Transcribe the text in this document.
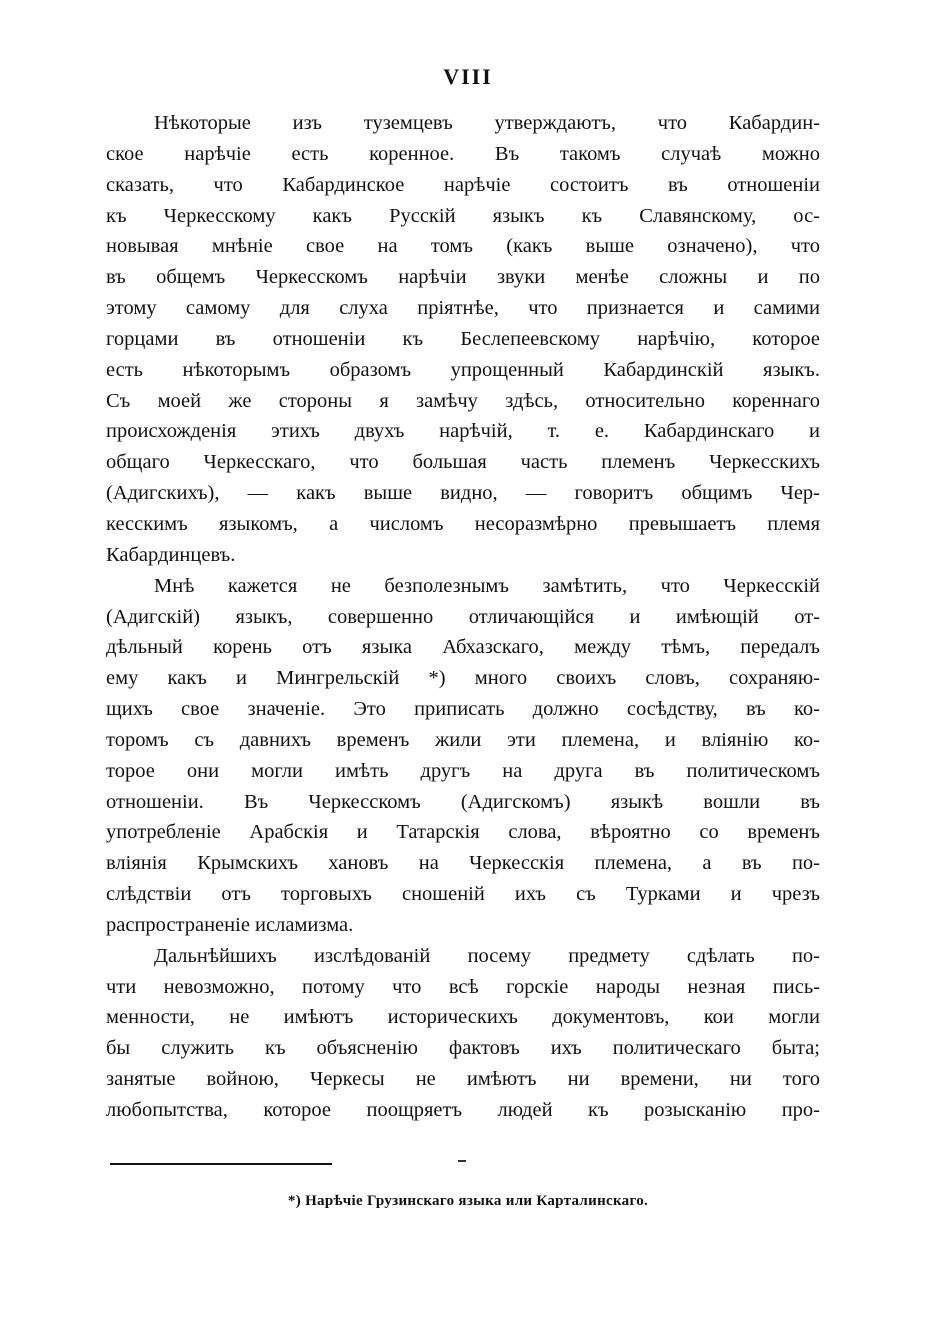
VIII
Нѣкоторые изъ туземцевъ утверждаютъ, что Кабардин-
ское нарѣчіе есть коренное. Въ такомъ случаѣ можно
сказать, что Кабардинское нарѣчіе состоитъ въ отношеніи
къ Черкесскому какъ Русскій языкъ къ Славянскому, ос-
новывая мнѣніе свое на томъ (какъ выше означено), что
въ общемъ Черкесскомъ нарѣчіи звуки менѣе сложны и по
этому самому для слуха пріятнѣе, что признается и самими
горцами въ отношеніи къ Беслепеевскому нарѣчію, которое
есть нѣкоторымъ образомъ упрощенный Кабардинскій языкъ.
Съ моей же стороны я замѣчу здѣсь, относительно кореннаго
происхожденія этихъ двухъ нарѣчій, т. е. Кабардинскаго и
общаго Черкесскаго, что большая часть племенъ Черкесскихъ
(Адигскихъ), — какъ выше видно, — говоритъ общимъ Чер-
кесскимъ языкомъ, а числомъ несоразмѣрно превышаетъ племя
Кабардинцевъ.
Мнѣ кажется не безполезнымъ замѣтить, что Черкесскій
(Адигскій) языкъ, совершенно отличающійся и имѣющій от-
дѣльный корень отъ языка Абхазскаго, между тѣмъ, передалъ
ему какъ и Мингрельскій *) много своихъ словъ, сохраняю-
щихъ свое значеніе. Это приписать должно сосѣдству, въ ко-
торомъ съ давнихъ временъ жили эти племена, и вліянію ко-
торое они могли имѣть другъ на друга въ политическомъ
отношеніи. Въ Черкесскомъ (Адигскомъ) языкѣ вошли въ
употребленіе Арабскія и Татарскія слова, вѣроятно со временъ
вліянія Крымскихъ хановъ на Черкесскія племена, а въ по-
слѣдствіи отъ торговыхъ сношеній ихъ съ Турками и чрезъ
распространеніе исламизма.
Дальнѣйшихъ изслѣдованій посему предмету сдѣлать по-
чти невозможно, потому что всѣ горскіе народы незная пись-
менности, не имѣютъ историческихъ документовъ, кои могли
бы служить къ объясненію фактовъ ихъ политическаго быта;
занятые войною, Черкесы не имѣютъ ни времени, ни того
любопытства, которое поощряетъ людей къ розысканію про-
*) Нарѣчіе Грузинскаго языка или Карталинскаго.
